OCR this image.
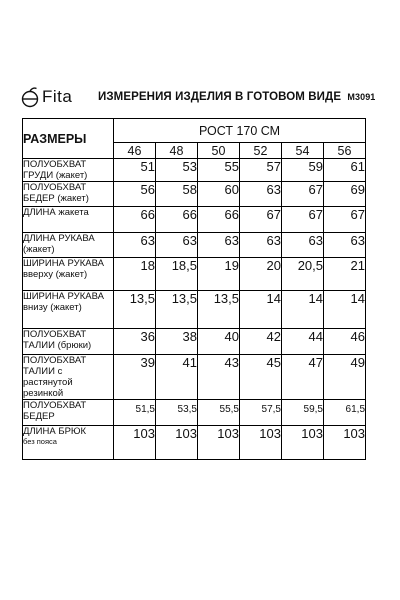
Fita ИЗМЕРЕНИЯ ИЗДЕЛИЯ В ГОТОВОМ ВИДЕ М3091
РАЗМЕРЫ	РОСТ 170 СМ					
	46	48	50	52	54	56
ПОЛУОБХВАТ ГРУДИ (жакет)	51	53	55	57	59	61
ПОЛУОБХВАТ БЕДЕР (жакет)	56	58	60	63	67	69
ДЛИНА жакета	66	66	66	67	67	67
ДЛИНА РУКАВА (жакет)	63	63	63	63	63	63
ШИРИНА РУКАВА вверху (жакет)	18	18,5	19	20	20,5	21
ШИРИНА РУКАВА внизу (жакет)	13,5	13,5	13,5	14	14	14
ПОЛУОБХВАТ ТАЛИИ (брюки)	36	38	40	42	44	46
ПОЛУОБХВАТ ТАЛИИ с растянутой резинкой	39	41	43	45	47	49
ПОЛУОБХВАТ БЕДЕР	51,5	53,5	55,5	57,5	59,5	61,5
ДЛИНА БРЮК
без пояса	103	103	103	103	103	103
